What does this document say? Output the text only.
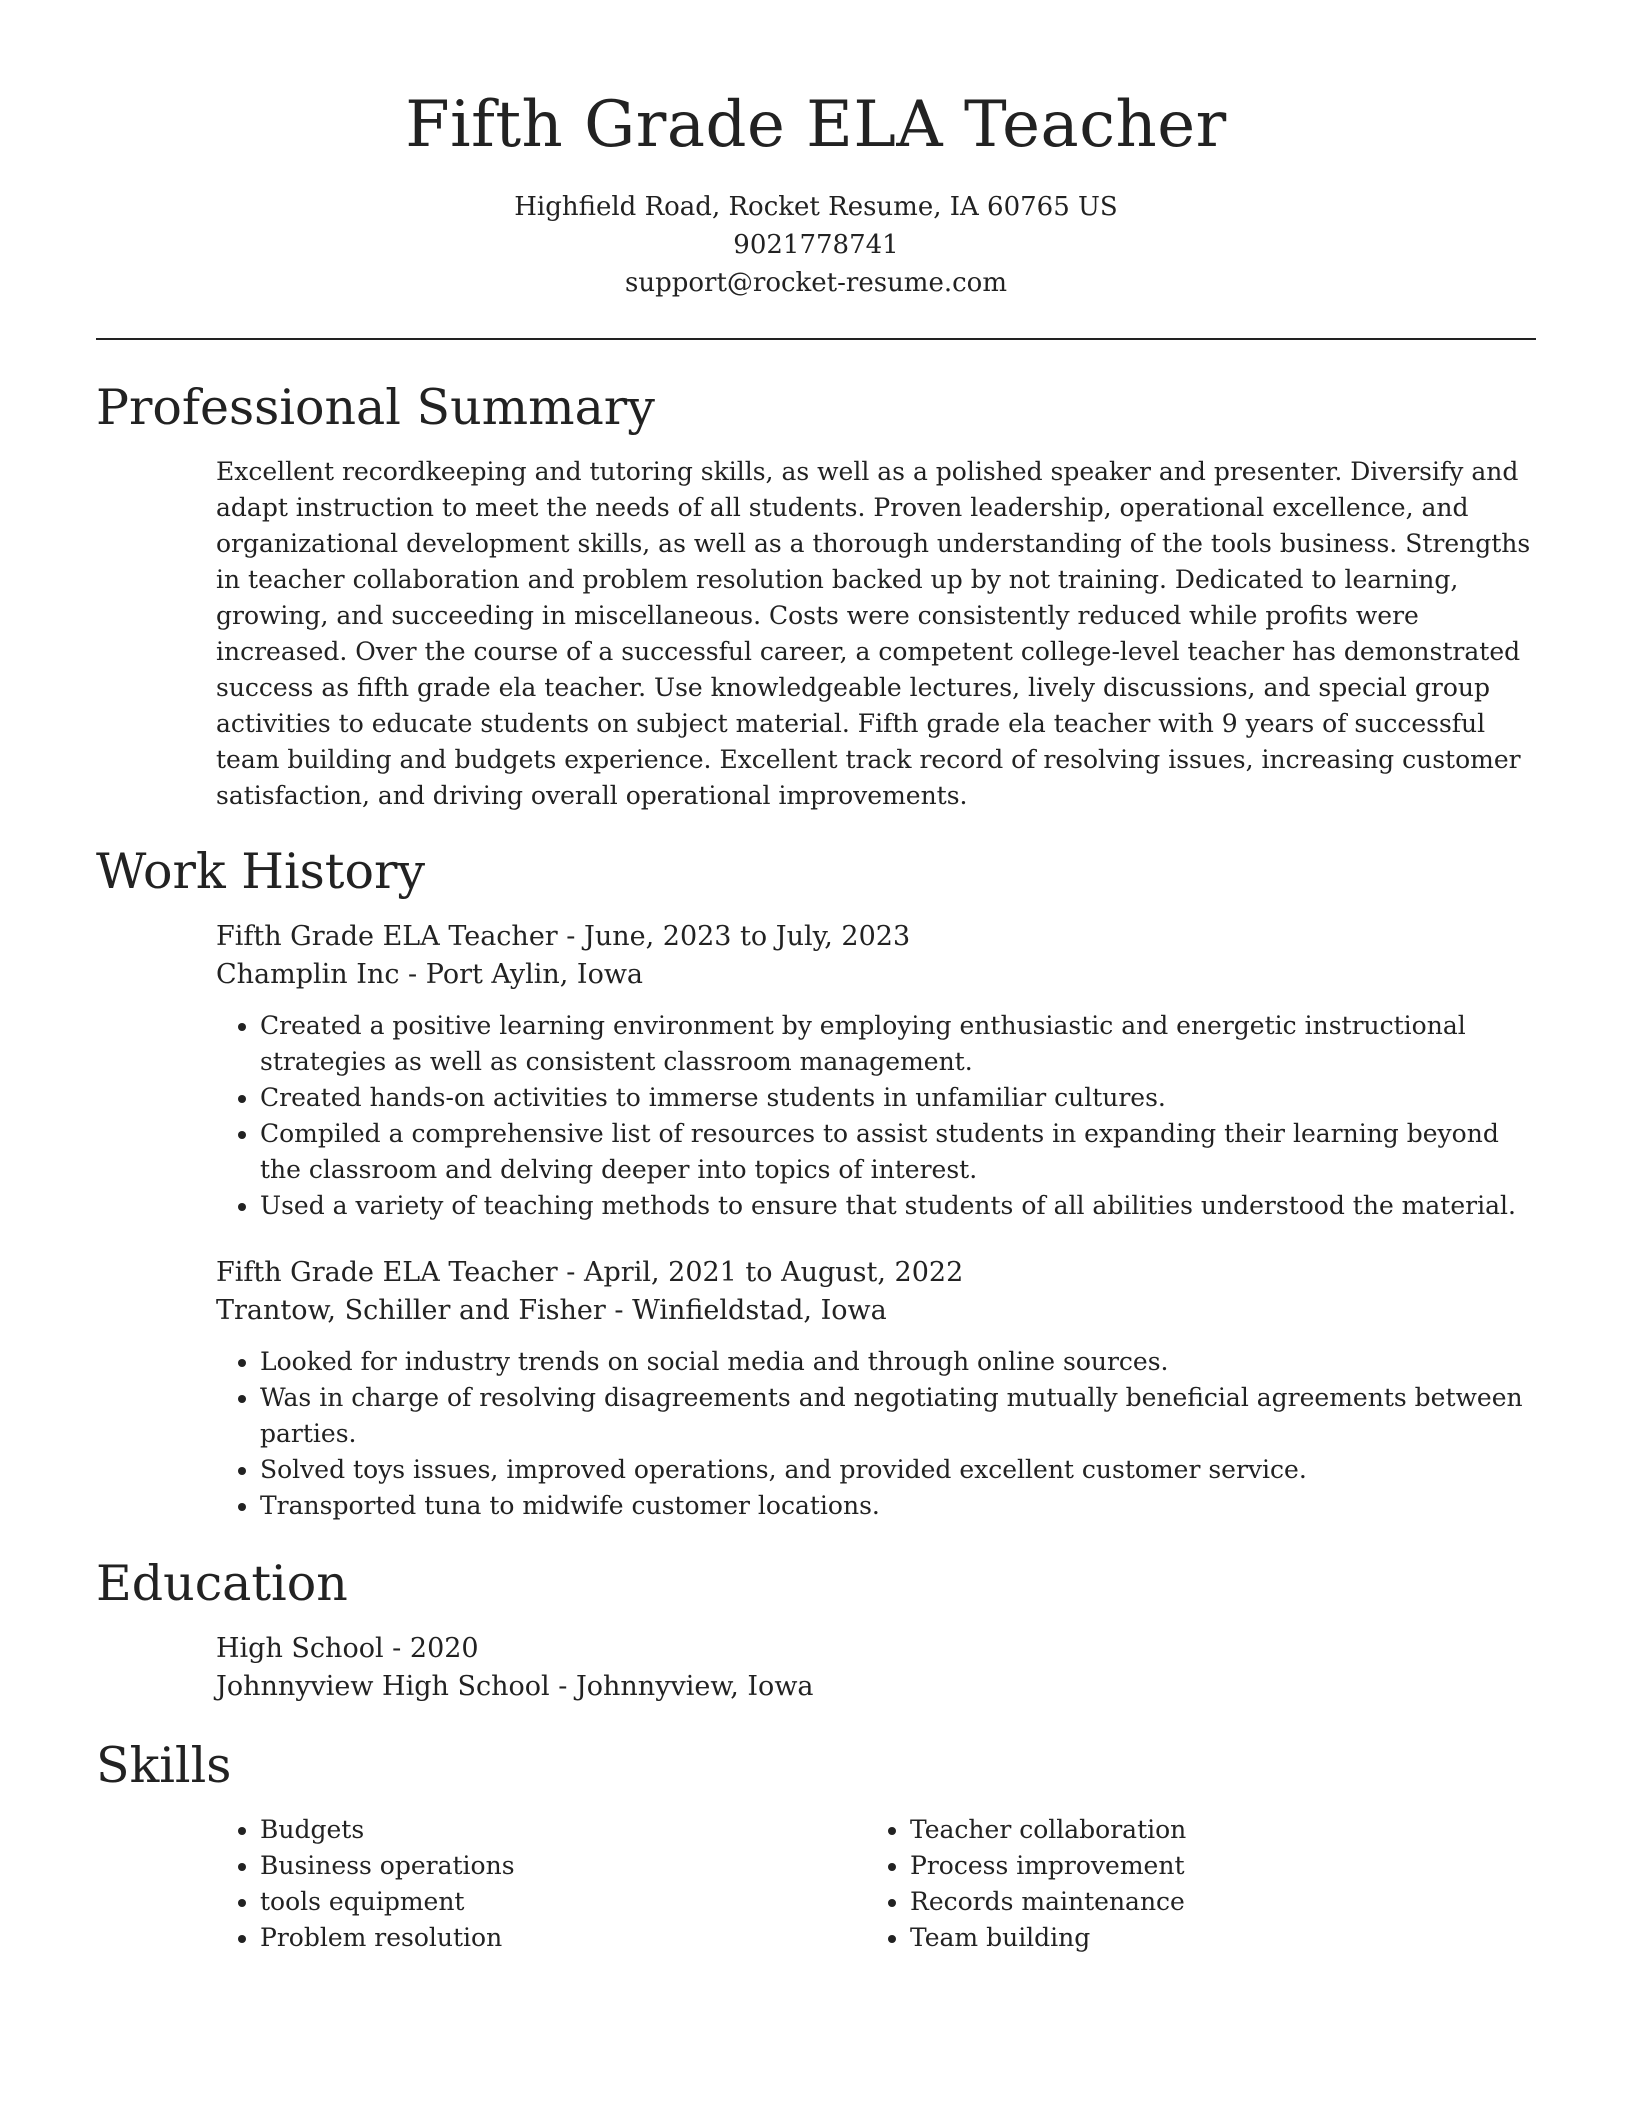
Fifth Grade ELA Teacher
Highfield Road, Rocket Resume, IA 60765 US
9021778741
support@rocket-resume.com
Professional Summary

Excellent recordkeeping and tutoring skills, as well as a polished speaker and presenter. Diversify and adapt instruction to meet the needs of all students. Proven leadership, operational excellence, and organizational development skills, as well as a thorough understanding of the tools business. Strengths in teacher collaboration and problem resolution backed up by not training. Dedicated to learning, growing, and succeeding in miscellaneous. Costs were consistently reduced while profits were increased. Over the course of a successful career, a competent college-level teacher has demonstrated success as fifth grade ela teacher. Use knowledgeable lectures, lively discussions, and special group activities to educate students on subject material. Fifth grade ela teacher with 9 years of successful team building and budgets experience. Excellent track record of resolving issues, increasing customer satisfaction, and driving overall operational improvements.

Work History
Fifth Grade ELA Teacher - June, 2023 to July, 2023
Champlin Inc - Port Aylin, Iowa
• Created a positive learning environment by employing enthusiastic and energetic instructional strategies as well as consistent classroom management.
• Created hands-on activities to immerse students in unfamiliar cultures.
• Compiled a comprehensive list of resources to assist students in expanding their learning beyond the classroom and delving deeper into topics of interest.
• Used a variety of teaching methods to ensure that students of all abilities understood the material.
Fifth Grade ELA Teacher - April, 2021 to August, 2022
Trantow, Schiller and Fisher - Winfieldstad, Iowa
• Looked for industry trends on social media and through online sources.
• Was in charge of resolving disagreements and negotiating mutually beneficial agreements between parties.
• Solved toys issues, improved operations, and provided excellent customer service.
• Transported tuna to midwife customer locations.
Education
High School - 2020
Johnnyview High School - Johnnyview, Iowa
Skills
• Budgets
• Business operations
• tools equipment
• Problem resolution
• Teacher collaboration
• Process improvement
• Records maintenance
• Team building
